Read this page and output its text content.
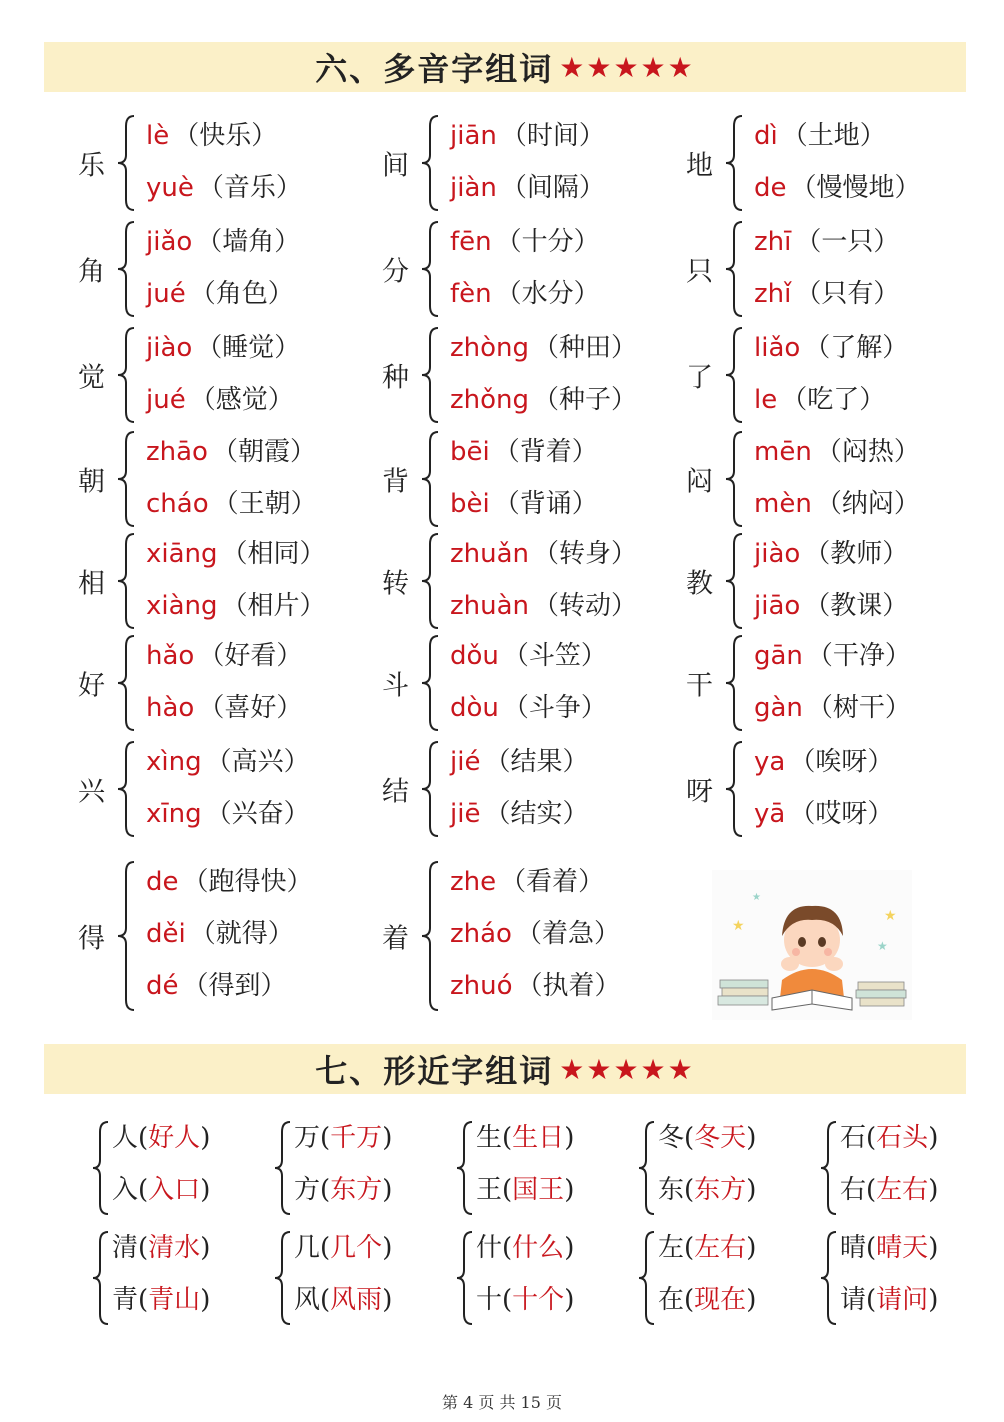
六、多音字组词 ★★★★★
乐
lè （快乐）
yuè （音乐）
间
jiān （时间）
jiàn （间隔）
地
dì （土地）
de （慢慢地）
角
jiǎo （墙角）
jué （角色）
分
fēn （十分）
fèn （水分）
只
zhī （一只）
zhǐ （只有）
觉
jiào （睡觉）
jué （感觉）
种
zhòng （种田）
zhǒng （种子）
了
liǎo （了解）
le （吃了）
朝
zhāo （朝霞）
cháo （王朝）
背
bēi （背着）
bèi （背诵）
闷
mēn （闷热）
mèn （纳闷）
相
xiāng （相同）
xiàng （相片）
转
zhuǎn （转身）
zhuàn （转动）
教
jiào （教师）
jiāo （教课）
好
hǎo （好看）
hào （喜好）
斗
dǒu （斗笠）
dòu （斗争）
干
gān （干净）
gàn （树干）
兴
xìng （高兴）
xīng （兴奋）
结
jié （结果）
jiē （结实）
呀
ya （唉呀）
yā （哎呀）
得
de （跑得快）
děi （就得）
dé （得到）
着
zhe （看着）
zháo （着急）
zhuó （执着）
★
★
★
★
七、形近字组词 ★★★★★
人(好人)
入(入口)
万(千万)
方(东方)
生(生日)
王(国王)
冬(冬天)
东(东方)
石(石头)
右(左右)
清(清水)
青(青山)
几(几个)
风(风雨)
什(什么)
十(十个)
左(左右)
在(现在)
晴(晴天)
请(请问)
第 4 页 共 15 页
